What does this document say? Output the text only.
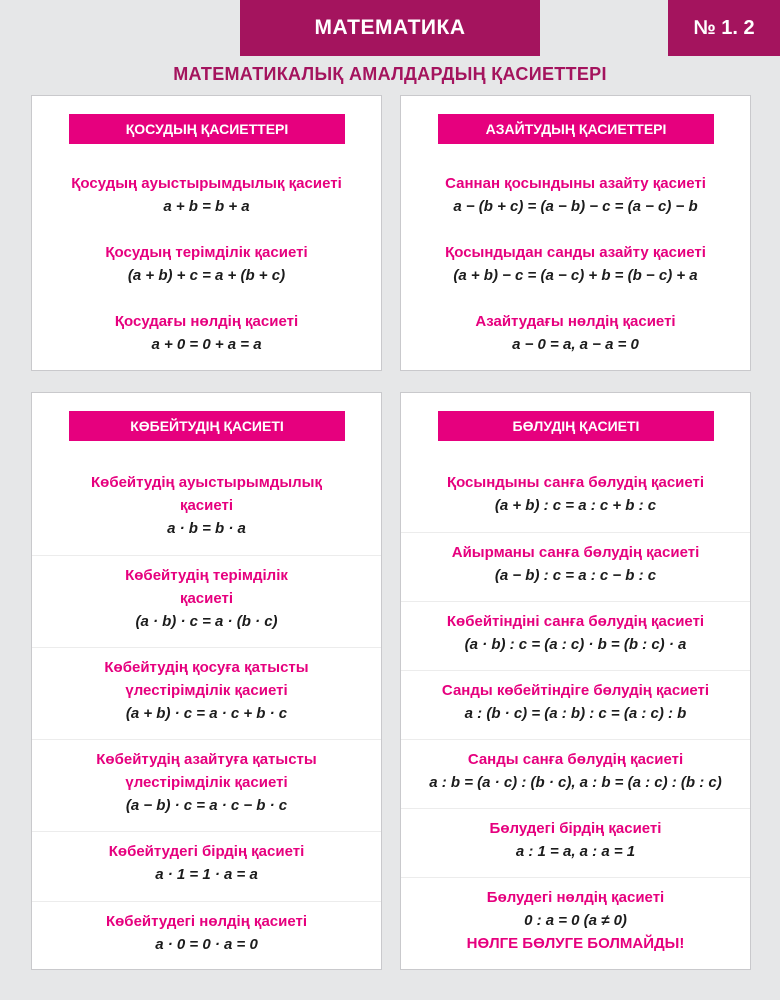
МАТЕМАТИКА	№ 1. 2
МАТЕМАТИКАЛЫҚ АМАЛДАРДЫҢ ҚАСИЕТТЕРІ
ҚОСУДЫҢ ҚАСИЕТТЕРІ
Қосудың ауыстырымдылық қасиеті
a + b = b + a
Қосудың терімділік қасиеті
(a + b) + c = a + (b + c)
Қосудағы нөлдің қасиеті
a + 0 = 0 + a = a
АЗАЙТУДЫҢ ҚАСИЕТТЕРІ
Саннан қосындыны азайту қасиеті
a − (b + c) = (a − b) − c = (a − c) − b
Қосындыдан санды азайту қасиеті
(a + b) − c = (a − c) + b = (b − c) + a
Азайтудағы нөлдің қасиеті
a − 0 = a, a − a = 0
КӨБЕЙТУДІҢ ҚАСИЕТІ
Көбейтудің ауыстырымдылық
қасиеті
a · b = b · a
Көбейтудің терімділік
қасиеті
(a · b) · c = a · (b · c)
Көбейтудің қосуға қатысты
үлестірімділік қасиеті
(a + b) · c = a · c + b · c
Көбейтудің азайтуға қатысты
үлестірімділік қасиеті
(a − b) · c = a · c − b · c
Көбейтудегі бірдің қасиеті
a · 1 = 1 · a = a
Көбейтудегі нөлдің қасиеті
a · 0 = 0 · a = 0
БӨЛУДІҢ ҚАСИЕТІ
Қосындыны санға бөлудің қасиеті
(a + b) : c = a : c + b : c
Айырманы санға бөлудің қасиеті
(a − b) : c = a : c − b : c
Көбейтіндіні санға бөлудің қасиеті
(a · b) : c = (a : c) · b = (b : c) · a
Санды көбейтіндіге бөлудің қасиеті
a : (b · c) = (a : b) : c = (a : c) : b
Санды санға бөлудің қасиеті
a : b = (a · c) : (b · c), a : b = (a : c) : (b : c)
Бөлудегі бірдің қасиеті
a : 1 = a, a : a = 1
Бөлудегі нөлдің қасиеті
0 : a = 0 (a ≠ 0)
НӨЛГЕ БӨЛУГЕ БОЛМАЙДЫ!
